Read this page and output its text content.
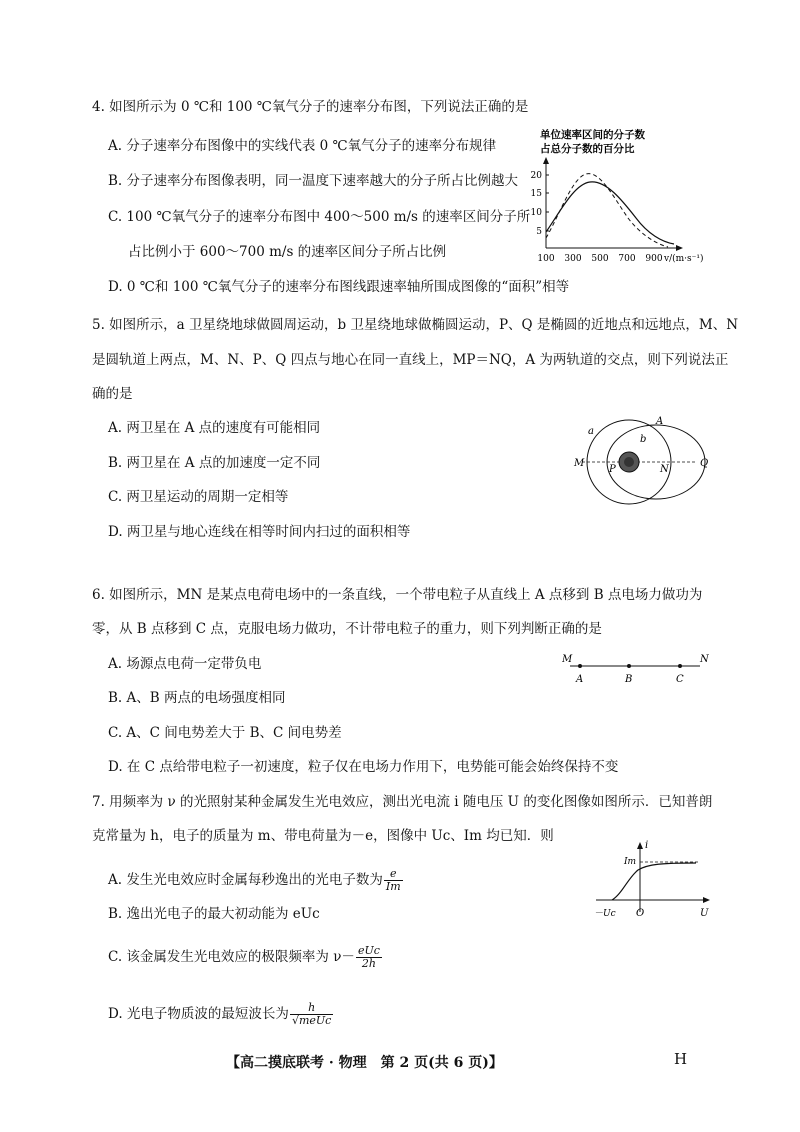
4. 如图所示为 0 ℃和 100 ℃氧气分子的速率分布图，下列说法正确的是
A. 分子速率分布图像中的实线代表 0 ℃氧气分子的速率分布规律
B. 分子速率分布图像表明，同一温度下速率越大的分子所占比例越大
C. 100 ℃氧气分子的速率分布图中 400～500 m/s 的速率区间分子所
占比例小于 600～700 m/s 的速率区间分子所占比例
D. 0 ℃和 100 ℃氧气分子的速率分布图线跟速率轴所围成图像的“面积”相等
单位速率区间的分子数
占总分子数的百分比
20
15
10
5
100 300 500 700 900 v/(m·s⁻¹)
5. 如图所示，a 卫星绕地球做圆周运动，b 卫星绕地球做椭圆运动，P、Q 是椭圆的近地点和远地点，M、N
是圆轨道上两点，M、N、P、Q 四点与地心在同一直线上，MP＝NQ，A 为两轨道的交点，则下列说法正
确的是
A. 两卫星在 A 点的速度有可能相同
B. 两卫星在 A 点的加速度一定不同
C. 两卫星运动的周期一定相等
D. 两卫星与地心连线在相等时间内扫过的面积相等
a
b
A
M
P	N
Q
6. 如图所示，MN 是某点电荷电场中的一条直线，一个带电粒子从直线上 A 点移到 B 点电场力做功为
零，从 B 点移到 C 点，克服电场力做功，不计带电粒子的重力，则下列判断正确的是
A. 场源点电荷一定带负电
B. A、B 两点的电场强度相同
C. A、C 间电势差大于 B、C 间电势差
D. 在 C 点给带电粒子一初速度，粒子仅在电场力作用下，电势能可能会始终保持不变
M	N
A	B	C
7. 用频率为 ν 的光照射某种金属发生光电效应，测出光电流 i 随电压 U 的变化图像如图所示．已知普朗
克常量为 h，电子的质量为 m、带电荷量为－e，图像中 Uc、Im 均已知．则
A. 发生光电效应时金属每秒逸出的光电子数为 $\frac{e}{Im}$
B. 逸出光电子的最大初动能为 eUc
C. 该金属发生光电效应的极限频率为 $\nu- \frac{\text{eUc}}{2h}$
D. 光电子物质波的最短波长为 $\frac{h}{\text{√meUc}}$
i
Im
－Uc O	U
【高二摸底联考 · 物理　第 2 页(共 6 页)】	H
